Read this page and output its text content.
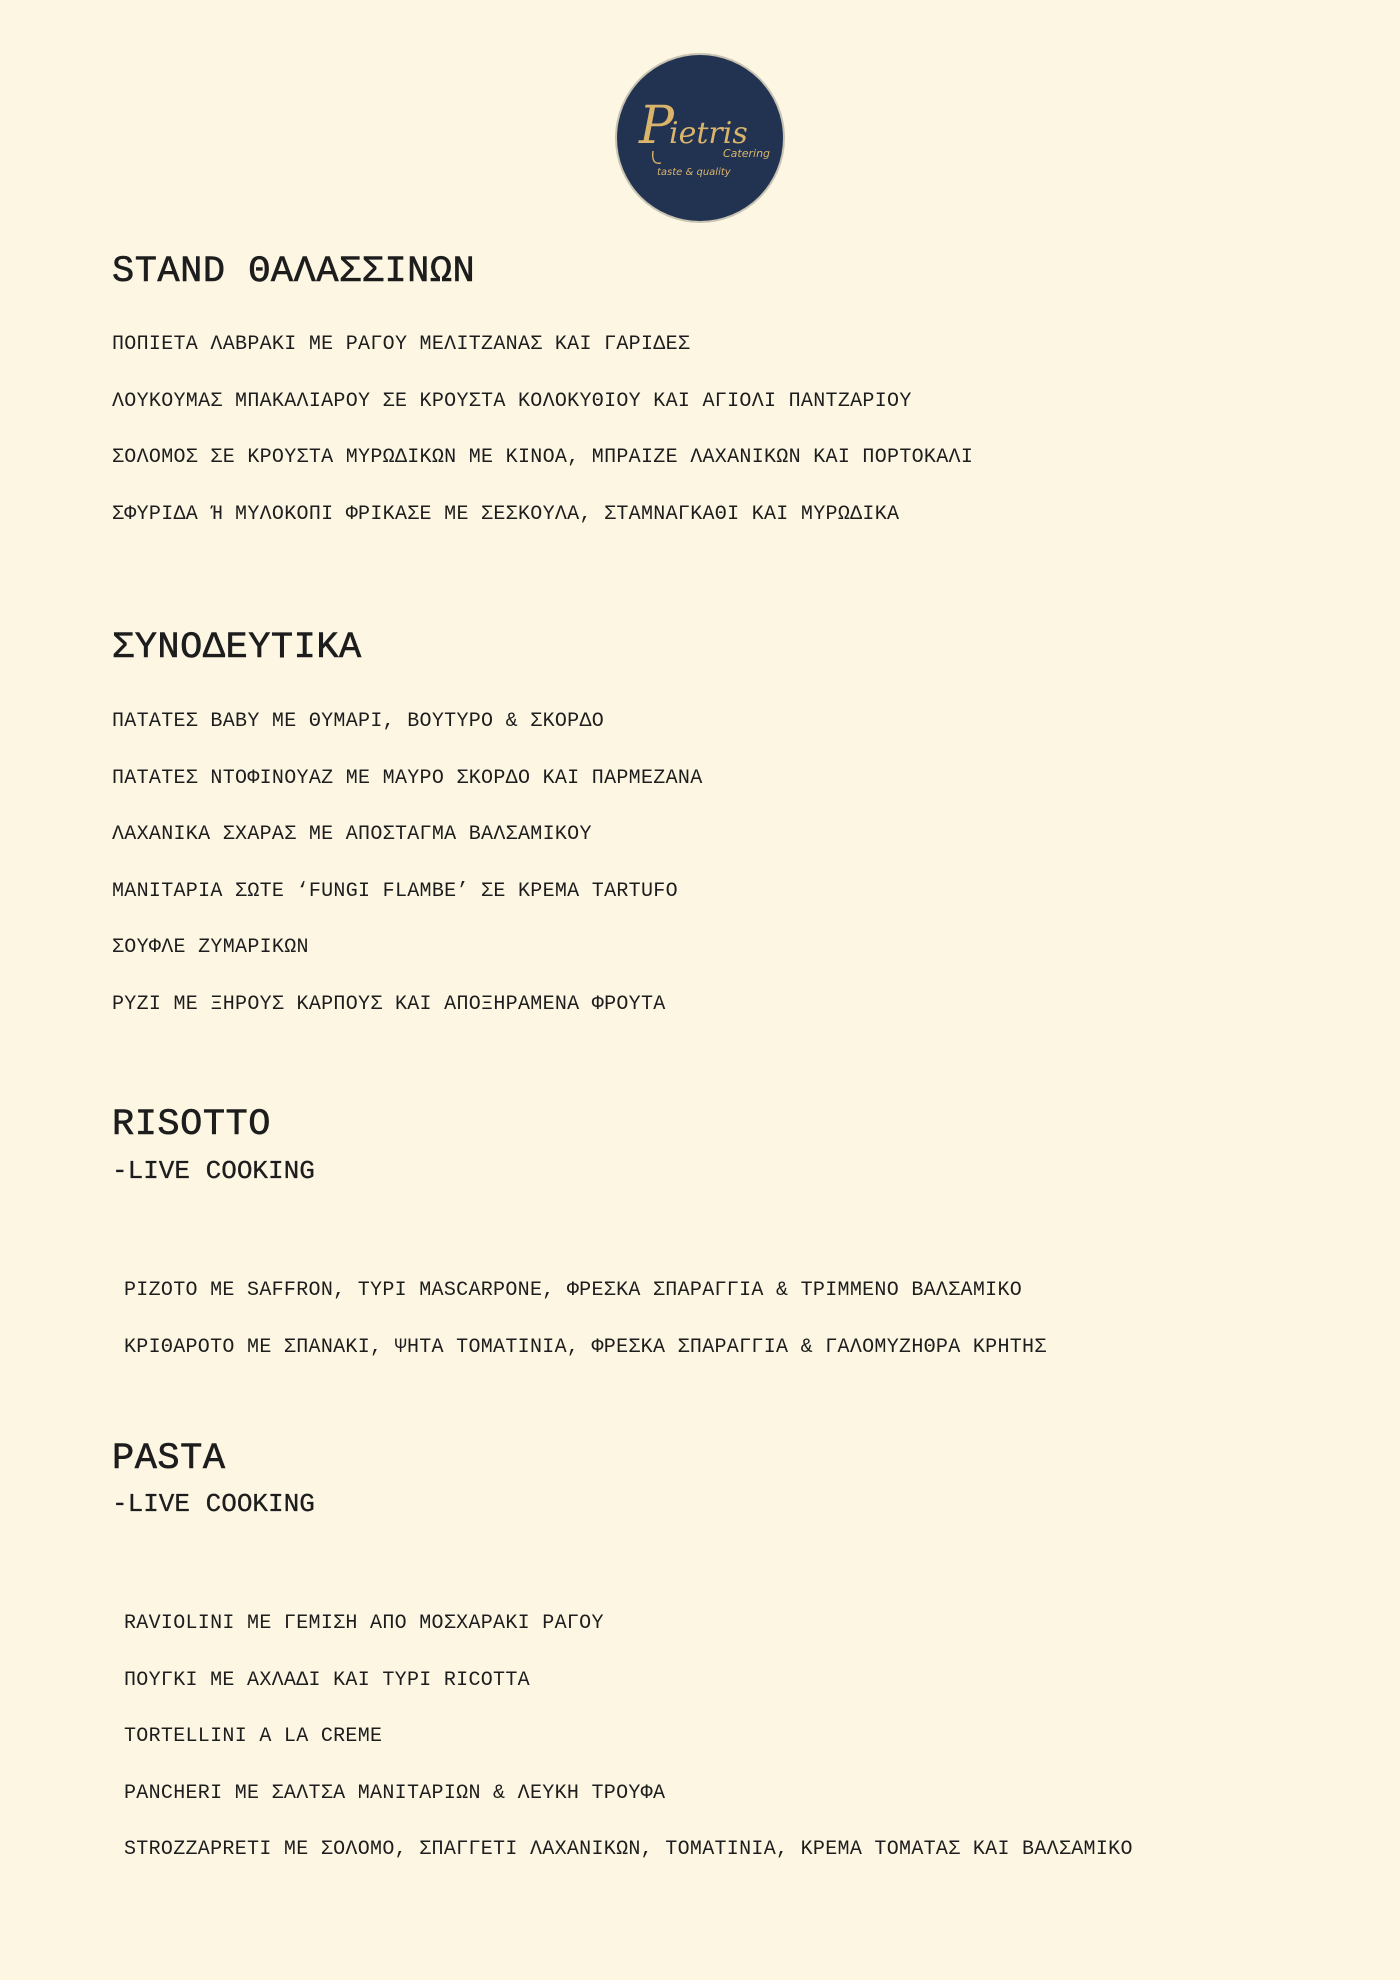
P
ietris
Catering
taste & quality
STAND ΘΑΛΑΣΣΙΝΩΝ
ΠΟΠΙΕΤΑ ΛΑΒΡΑΚΙ ΜΕ ΡΑΓΟΥ ΜΕΛΙΤΖΑΝΑΣ ΚΑΙ ΓΑΡΙΔΕΣ
ΛΟΥΚΟΥΜΑΣ ΜΠΑΚΑΛΙΑΡΟΥ ΣΕ ΚΡΟΥΣΤΑ ΚΟΛΟΚΥΘΙΟΥ ΚΑΙ ΑΓΙΟΛΙ ΠΑΝΤΖΑΡΙΟΥ
ΣΟΛΟΜΟΣ ΣΕ ΚΡΟΥΣΤΑ ΜΥΡΩΔΙΚΩΝ ΜΕ ΚΙΝΟΑ, ΜΠΡΑΙΖΕ ΛΑΧΑΝΙΚΩΝ ΚΑΙ ΠΟΡΤΟΚΑΛΙ
ΣΦΥΡΙΔΑ Ή ΜΥΛΟΚΟΠΙ ΦΡΙΚΑΣΕ ΜΕ ΣΕΣΚΟΥΛΑ, ΣΤΑΜΝΑΓΚΑΘΙ ΚΑΙ ΜΥΡΩΔΙΚΑ
ΣΥΝΟΔΕΥΤΙΚΑ
ΠΑΤΑΤΕΣ ΒΑΒΥ ΜΕ ΘΥΜΑΡΙ, ΒΟΥΤΥΡΟ & ΣΚΟΡΔΟ
ΠΑΤΑΤΕΣ ΝΤΟΦΙΝΟΥΑΖ ΜΕ ΜΑΥΡΟ ΣΚΟΡΔΟ ΚΑΙ ΠΑΡΜΕΖΑΝΑ
ΛΑΧΑΝΙΚΑ ΣΧΑΡΑΣ ΜΕ ΑΠΟΣΤΑΓΜΑ ΒΑΛΣΑΜΙΚΟΥ
ΜΑΝΙΤΑΡΙΑ ΣΩΤΕ ‘FUNGI FLAMBE’ ΣΕ ΚΡΕΜΑ TARTUFO
ΣΟΥΦΛΕ ΖΥΜΑΡΙΚΩΝ
ΡΥΖΙ ΜΕ ΞΗΡΟΥΣ ΚΑΡΠΟΥΣ ΚΑΙ ΑΠΟΞΗΡΑΜΕΝΑ ΦΡΟΥΤΑ
RISOTTO
-LIVE COOKING
ΡΙΖΟΤΟ ΜΕ SAFFRON, ΤΥΡΙ MASCARPONE, ΦΡΕΣΚΑ ΣΠΑΡΑΓΓΙΑ & ΤΡΙΜΜΕΝΟ ΒΑΛΣΑΜΙΚΟ
ΚΡΙΘΑΡΟΤΟ ΜΕ ΣΠΑΝΑΚΙ, ΨΗΤΑ ΤΟΜΑΤΙΝΙΑ, ΦΡΕΣΚΑ ΣΠΑΡΑΓΓΙΑ & ΓΑΛΟΜΥΖΗΘΡΑ ΚΡΗΤΗΣ
PASTA
-LIVE COOKING
RAVIOLINI ΜΕ ΓΕΜΙΣΗ ΑΠΟ ΜΟΣΧΑΡΑΚΙ ΡΑΓΟΥ
ΠΟΥΓΚΙ ΜΕ ΑΧΛΑΔΙ ΚΑΙ ΤΥΡΙ RICOTTA
TORTELLINI A LA CREME
PANCHERI ΜΕ ΣΑΛΤΣΑ ΜΑΝΙΤΑΡΙΩΝ & ΛΕΥΚΗ ΤΡΟΥΦΑ
STROZZAPRETI ΜΕ ΣΟΛΟΜΟ, ΣΠΑΓΓΕΤΙ ΛΑΧΑΝΙΚΩΝ, ΤΟΜΑΤΙΝΙΑ, ΚΡΕΜΑ ΤΟΜΑΤΑΣ ΚΑΙ ΒΑΛΣΑΜΙΚΟ
